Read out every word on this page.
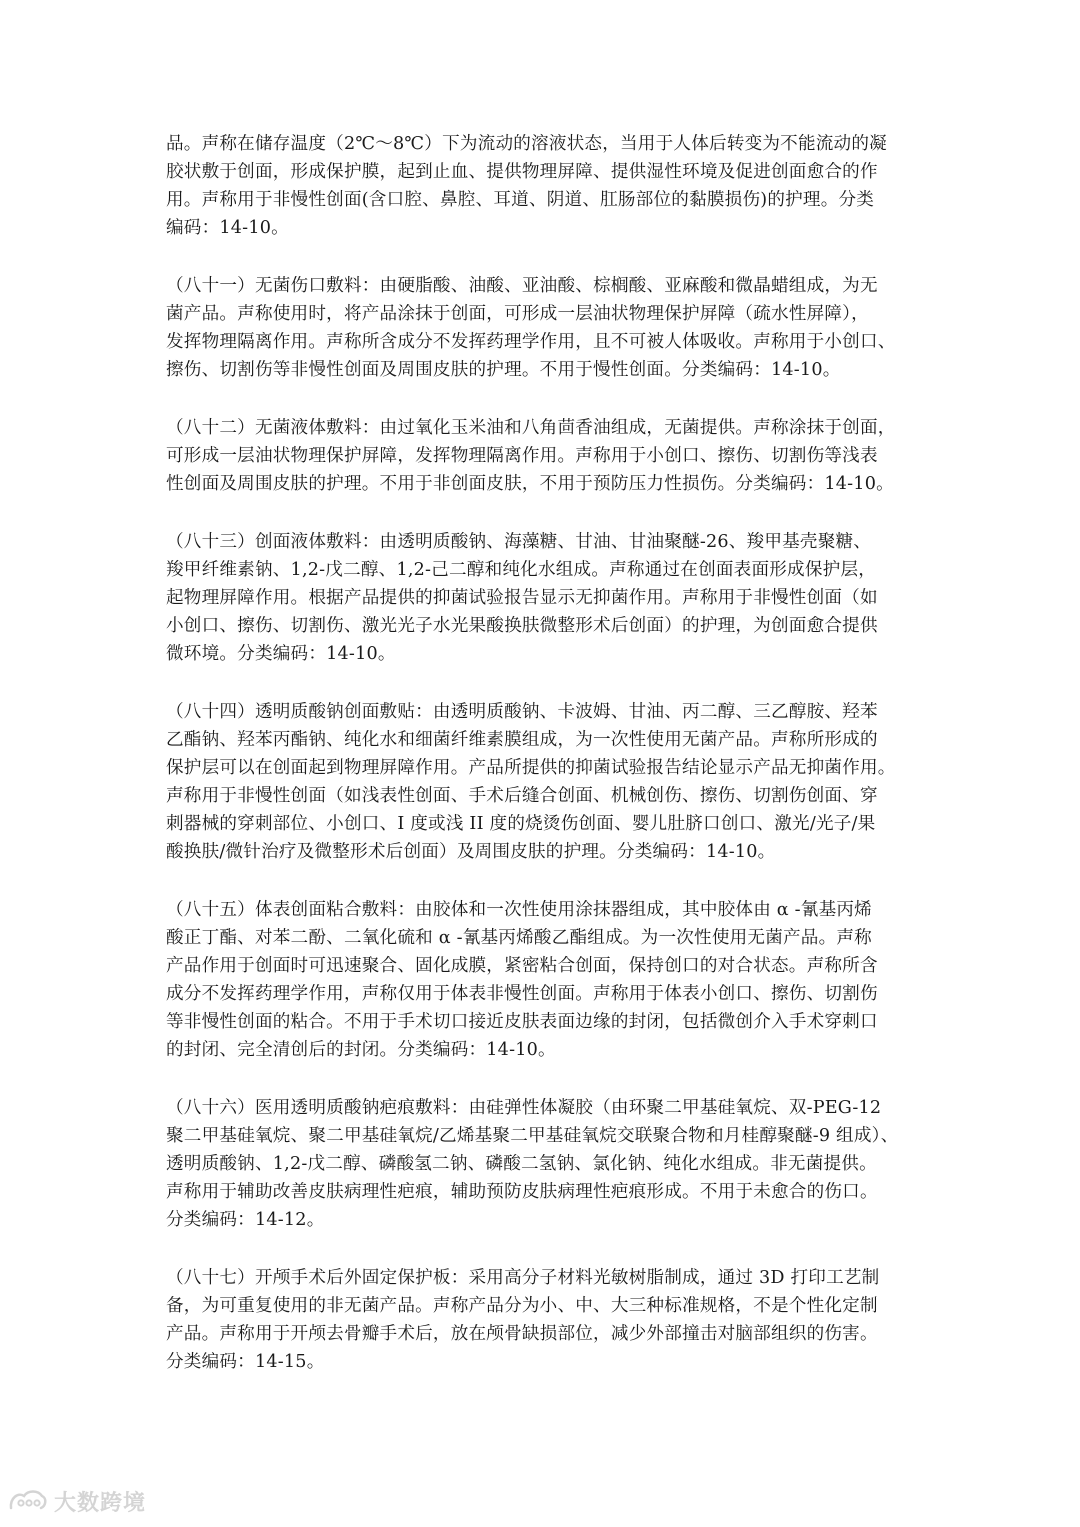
品。声称在储存温度（2℃～8℃）下为流动的溶液状态，当用于人体后转变为不能流动的凝
胶状敷于创面，形成保护膜，起到止血、提供物理屏障、提供湿性环境及促进创面愈合的作
用。声称用于非慢性创面(含口腔、鼻腔、耳道、阴道、肛肠部位的黏膜损伤)的护理。分类
编码：14-10。
（八十一）无菌伤口敷料：由硬脂酸、油酸、亚油酸、棕榈酸、亚麻酸和微晶蜡组成，为无
菌产品。声称使用时，将产品涂抹于创面，可形成一层油状物理保护屏障（疏水性屏障），
发挥物理隔离作用。声称所含成分不发挥药理学作用，且不可被人体吸收。声称用于小创口、
擦伤、切割伤等非慢性创面及周围皮肤的护理。不用于慢性创面。分类编码：14-10。
（八十二）无菌液体敷料：由过氧化玉米油和八角茴香油组成，无菌提供。声称涂抹于创面，
可形成一层油状物理保护屏障，发挥物理隔离作用。声称用于小创口、擦伤、切割伤等浅表
性创面及周围皮肤的护理。不用于非创面皮肤，不用于预防压力性损伤。分类编码：14-10。
（八十三）创面液体敷料：由透明质酸钠、海藻糖、甘油、甘油聚醚-26、羧甲基壳聚糖、
羧甲纤维素钠、1,2-戊二醇、1,2-己二醇和纯化水组成。声称通过在创面表面形成保护层，
起物理屏障作用。根据产品提供的抑菌试验报告显示无抑菌作用。声称用于非慢性创面（如
小创口、擦伤、切割伤、激光光子水光果酸换肤微整形术后创面）的护理，为创面愈合提供
微环境。分类编码：14-10。
（八十四）透明质酸钠创面敷贴：由透明质酸钠、卡波姆、甘油、丙二醇、三乙醇胺、羟苯
乙酯钠、羟苯丙酯钠、纯化水和细菌纤维素膜组成，为一次性使用无菌产品。声称所形成的
保护层可以在创面起到物理屏障作用。产品所提供的抑菌试验报告结论显示产品无抑菌作用。
声称用于非慢性创面（如浅表性创面、手术后缝合创面、机械创伤、擦伤、切割伤创面、穿
刺器械的穿刺部位、小创口、I 度或浅 II 度的烧烫伤创面、婴儿肚脐口创口、激光/光子/果
酸换肤/微针治疗及微整形术后创面）及周围皮肤的护理。分类编码：14-10。
（八十五）体表创面粘合敷料：由胶体和一次性使用涂抹器组成，其中胶体由 α -氰基丙烯
酸正丁酯、对苯二酚、二氧化硫和 α -氰基丙烯酸乙酯组成。为一次性使用无菌产品。声称
产品作用于创面时可迅速聚合、固化成膜，紧密粘合创面，保持创口的对合状态。声称所含
成分不发挥药理学作用，声称仅用于体表非慢性创面。声称用于体表小创口、擦伤、切割伤
等非慢性创面的粘合。不用于手术切口接近皮肤表面边缘的封闭，包括微创介入手术穿刺口
的封闭、完全清创后的封闭。分类编码：14-10。
（八十六）医用透明质酸钠疤痕敷料：由硅弹性体凝胶（由环聚二甲基硅氧烷、双-PEG-12
聚二甲基硅氧烷、聚二甲基硅氧烷/乙烯基聚二甲基硅氧烷交联聚合物和月桂醇聚醚-9 组成）、
透明质酸钠、1,2-戊二醇、磷酸氢二钠、磷酸二氢钠、氯化钠、纯化水组成。非无菌提供。
声称用于辅助改善皮肤病理性疤痕，辅助预防皮肤病理性疤痕形成。不用于未愈合的伤口。
分类编码：14-12。
（八十七）开颅手术后外固定保护板：采用高分子材料光敏树脂制成，通过 3D 打印工艺制
备，为可重复使用的非无菌产品。声称产品分为小、中、大三种标准规格，不是个性化定制
产品。声称用于开颅去骨瓣手术后，放在颅骨缺损部位，减少外部撞击对脑部组织的伤害。
分类编码：14-15。
大数跨境
